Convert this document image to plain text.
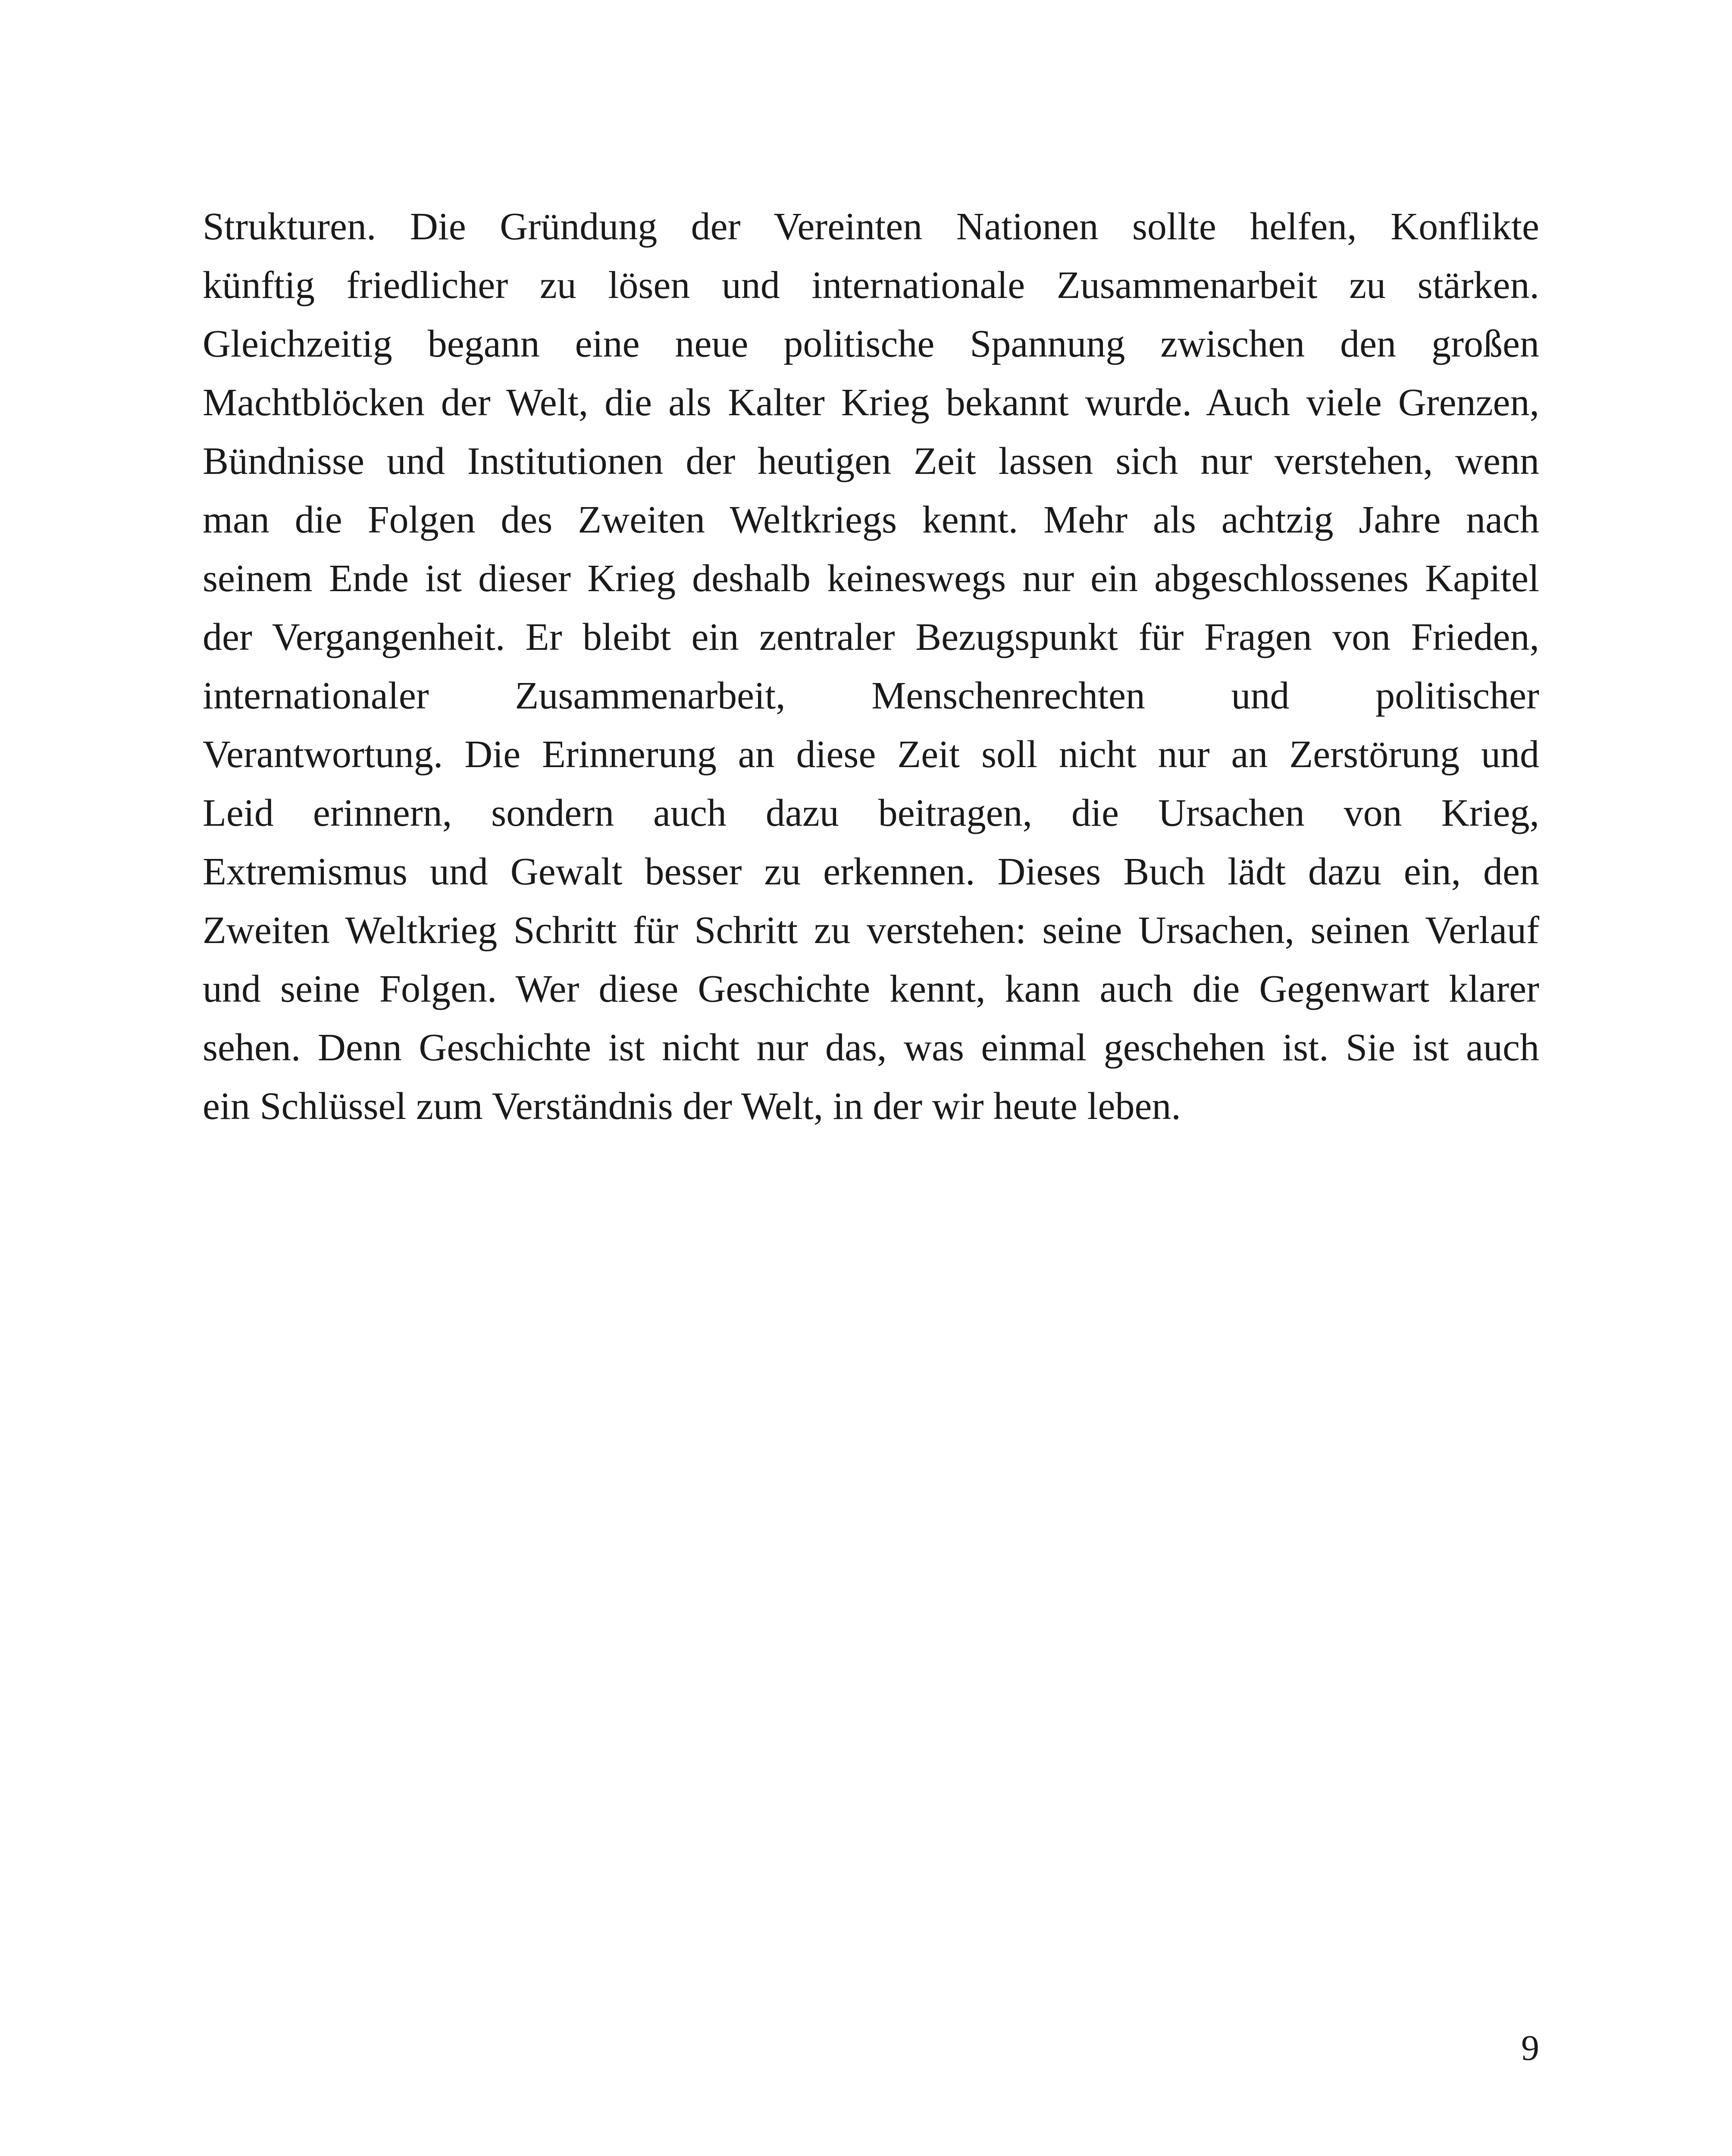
Strukturen. Die Gründung der Vereinten Nationen sollte helfen, Konflikte
künftig friedlicher zu lösen und internationale Zusammenarbeit zu stärken.
Gleichzeitig begann eine neue politische Spannung zwischen den großen
Machtblöcken der Welt, die als Kalter Krieg bekannt wurde. Auch viele Grenzen,
Bündnisse und Institutionen der heutigen Zeit lassen sich nur verstehen, wenn
man die Folgen des Zweiten Weltkriegs kennt. Mehr als achtzig Jahre nach
seinem Ende ist dieser Krieg deshalb keineswegs nur ein abgeschlossenes Kapitel
der Vergangenheit. Er bleibt ein zentraler Bezugspunkt für Fragen von Frieden,
internationaler Zusammenarbeit, Menschenrechten und politischer
Verantwortung. Die Erinnerung an diese Zeit soll nicht nur an Zerstörung und
Leid erinnern, sondern auch dazu beitragen, die Ursachen von Krieg,
Extremismus und Gewalt besser zu erkennen. Dieses Buch lädt dazu ein, den
Zweiten Weltkrieg Schritt für Schritt zu verstehen: seine Ursachen, seinen Verlauf
und seine Folgen. Wer diese Geschichte kennt, kann auch die Gegenwart klarer
sehen. Denn Geschichte ist nicht nur das, was einmal geschehen ist. Sie ist auch
ein Schlüssel zum Verständnis der Welt, in der wir heute leben.
9
